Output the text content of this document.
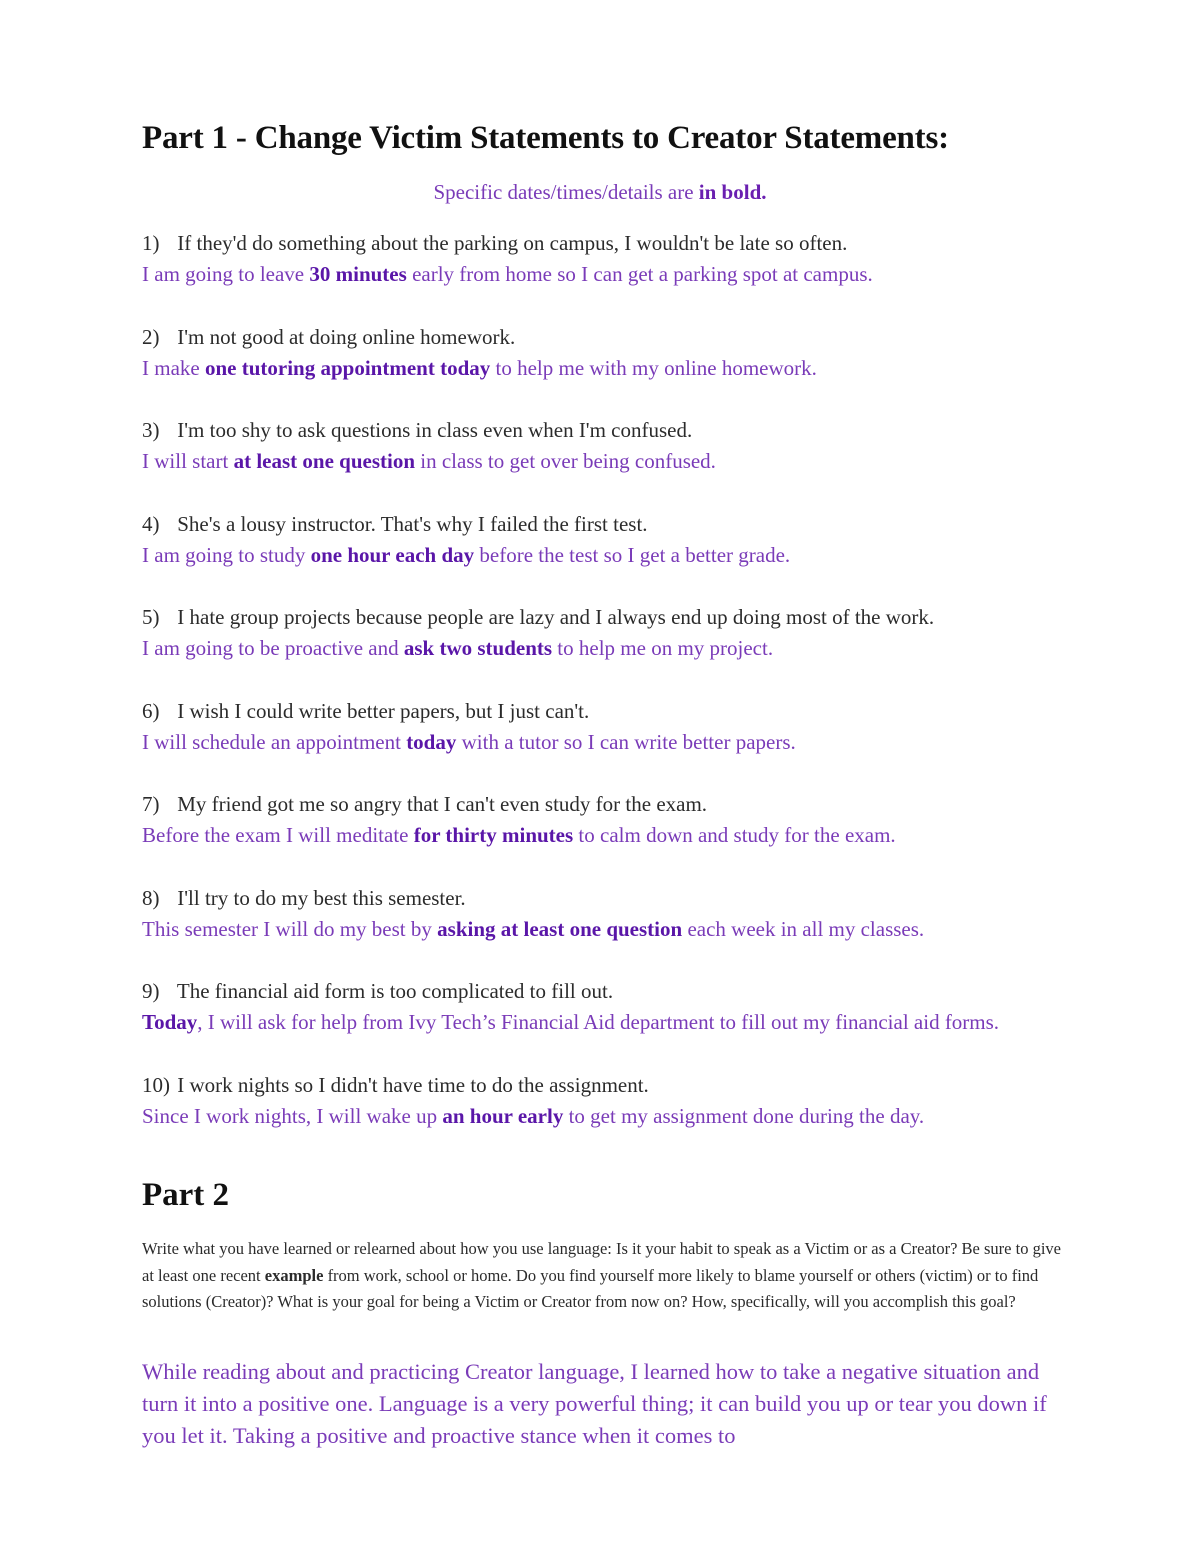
Part 1 - Change Victim Statements to Creator Statements:
Specific dates/times/details are in bold.
1) If they'd do something about the parking on campus, I wouldn't be late so often.
I am going to leave 30 minutes early from home so I can get a parking spot at campus.
2) I'm not good at doing online homework.
I make one tutoring appointment today to help me with my online homework.
3) I'm too shy to ask questions in class even when I'm confused.
I will start at least one question in class to get over being confused.
4) She's a lousy instructor. That's why I failed the first test.
I am going to study one hour each day before the test so I get a better grade.
5) I hate group projects because people are lazy and I always end up doing most of the work.
I am going to be proactive and ask two students to help me on my project.
6) I wish I could write better papers, but I just can't.
I will schedule an appointment today with a tutor so I can write better papers.
7) My friend got me so angry that I can't even study for the exam.
Before the exam I will meditate for thirty minutes to calm down and study for the exam.
8) I'll try to do my best this semester.
This semester I will do my best by asking at least one question each week in all my classes.
9) The financial aid form is too complicated to fill out.
Today, I will ask for help from Ivy Tech’s Financial Aid department to fill out my financial aid forms.
10) I work nights so I didn't have time to do the assignment.
Since I work nights, I will wake up an hour early to get my assignment done during the day.
Part 2
Write what you have learned or relearned about how you use language: Is it your habit to speak as a Victim or as a Creator? Be sure to give at least one recent example from work, school or home. Do you find yourself more likely to blame yourself or others (victim) or to find solutions (Creator)? What is your goal for being a Victim or Creator from now on? How, specifically, will you accomplish this goal?
While reading about and practicing Creator language, I learned how to take a negative situation and turn it into a positive one. Language is a very powerful thing; it can build you up or tear you down if you let it. Taking a positive and proactive stance when it comes to
